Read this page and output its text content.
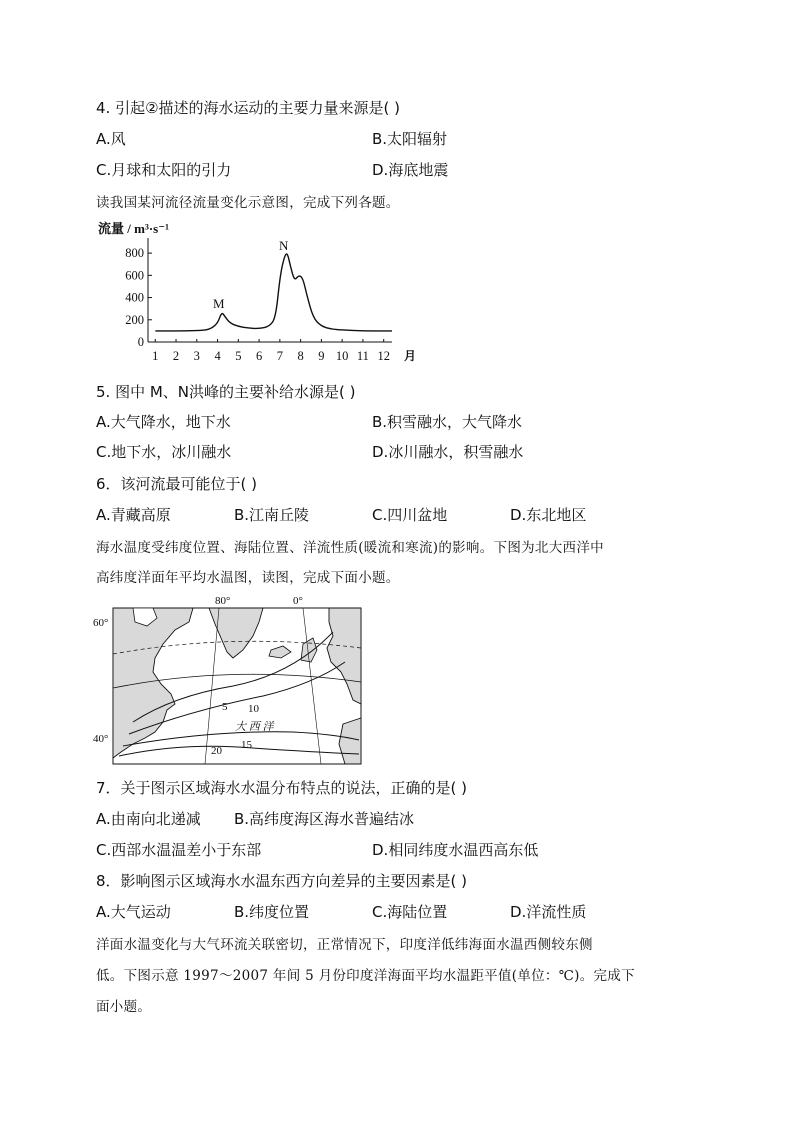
4. 引起②描述的海水运动的主要力量来源是( )
A.风	B.太阳辐射
C.月球和太阳的引力	D.海底地震
读我国某河流径流量变化示意图，完成下列各题。
流量 / m³·s⁻¹
0
200
400
600
800
1 2 3 4 5 6 7 8 9 10 11 12
M
N
月
5. 图中 M、N洪峰的主要补给水源是( )
A.大气降水，地下水	B.积雪融水，大气降水
C.地下水，冰川融水	D.冰川融水，积雪融水
6．该河流最可能位于( )
A.青藏高原	B.江南丘陵	C.四川盆地	D.东北地区
海水温度受纬度位置、海陆位置、洋流性质(暖流和寒流)的影响。下图为北大西洋中
高纬度洋面年平均水温图，读图，完成下面小题。
80°	0°
60°
40°
5 10
15
20
大 西 洋
7．关于图示区域海水水温分布特点的说法，正确的是( )
A.由南向北递减 B.高纬度海区海水普遍结冰
C.西部水温温差小于东部	D.相同纬度水温西高东低
8．影响图示区域海水水温东西方向差异的主要因素是( )
A.大气运动	B.纬度位置	C.海陆位置	D.洋流性质
洋面水温变化与大气环流关联密切，正常情况下，印度洋低纬海面水温西侧较东侧
低。下图示意 1997～2007 年间 5 月份印度洋海面平均水温距平值(单位：℃)。完成下
面小题。
